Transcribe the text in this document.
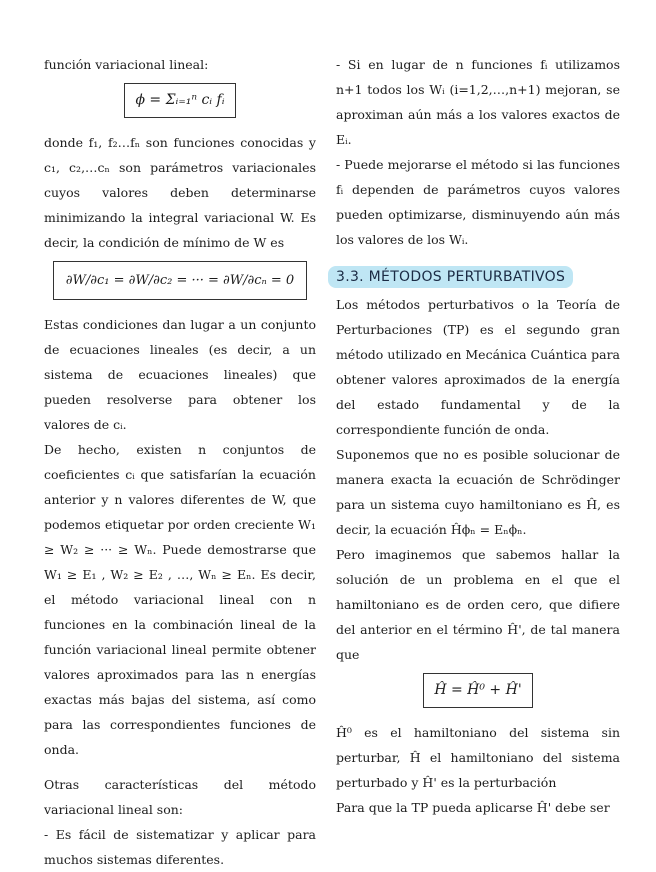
función variacional lineal:

ϕ = Σᵢ₌₁ⁿ cᵢ fᵢ

donde f₁, f₂…fₙ son funciones conocidas y c₁, c₂,…cₙ son parámetros variacionales cuyos valores deben determinarse minimizando la integral variacional W. Es decir, la condición de mínimo de W es

∂W/∂c₁ = ∂W/∂c₂ = ··· = ∂W/∂cₙ = 0

Estas condiciones dan lugar a un conjunto de ecuaciones lineales (es decir, a un sistema de ecuaciones lineales) que pueden resolverse para obtener los valores de cᵢ.

De hecho, existen n conjuntos de coeficientes cᵢ que satisfarían la ecuación anterior y n valores diferentes de W, que podemos etiquetar por orden creciente W₁ ≥ W₂ ≥ ··· ≥ Wₙ. Puede demostrarse que W₁ ≥ E₁ , W₂ ≥ E₂ , …, Wₙ ≥ Eₙ. Es decir, el método variacional lineal con n funciones en la combinación lineal de la función variacional lineal permite obtener valores aproximados para las n energías exactas más bajas del sistema, así como para las correspondientes funciones de onda.

Otras características del método variacional lineal son:

- Es fácil de sistematizar y aplicar para muchos sistemas diferentes.

- Si en lugar de n funciones fᵢ utilizamos n+1 todos los Wᵢ (i=1,2,…,n+1) mejoran, se aproximan aún más a los valores exactos de Eᵢ.

- Puede mejorarse el método si las funciones fᵢ dependen de parámetros cuyos valores pueden optimizarse, disminuyendo aún más los valores de los Wᵢ.

3.3. MÉTODOS PERTURBATIVOS

Los métodos perturbativos o la Teoría de Perturbaciones (TP) es el segundo gran método utilizado en Mecánica Cuántica para obtener valores aproximados de la energía del estado fundamental y de la correspondiente función de onda.

Suponemos que no es posible solucionar de manera exacta la ecuación de Schrödinger para un sistema cuyo hamiltoniano es Ĥ, es decir, la ecuación Ĥϕₙ = Eₙϕₙ.

Pero imaginemos que sabemos hallar la solución de un problema en el que el hamiltoniano es de orden cero, que difiere del anterior en el término Ĥ', de tal manera que

Ĥ = Ĥ⁰ + Ĥ'

Ĥ⁰ es el hamiltoniano del sistema sin perturbar, Ĥ el hamiltoniano del sistema perturbado y Ĥ' es la perturbación

Para que la TP pueda aplicarse Ĥ' debe ser
